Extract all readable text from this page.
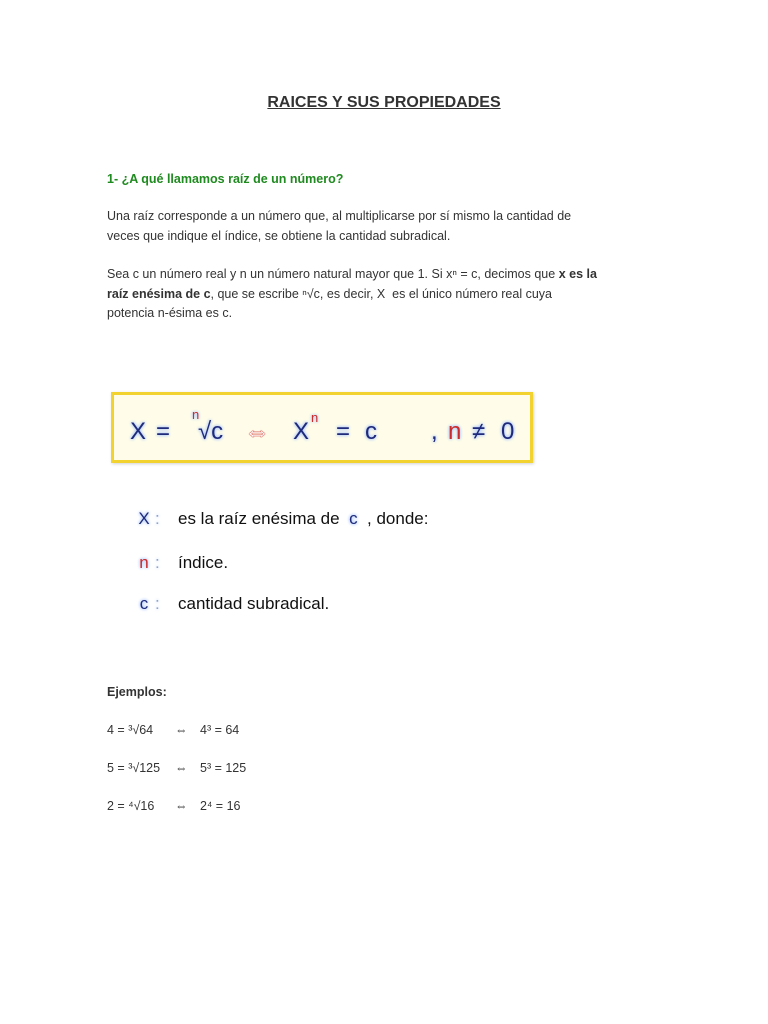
RAICES Y SUS PROPIEDADES
1- ¿A qué llamamos raíz de un número?
Una raíz corresponde a un número que, al multiplicarse por sí mismo la cantidad de
veces que indique el índice, se obtiene la cantidad subradical.
Sea c un número real y n un número natural mayor que 1. Si xⁿ = c, decimos que x es la
raíz enésima de c, que se escribe ⁿ√c, es decir, X  es el único número real cuya
potencia n-ésima es c.
X =
n
√c ⇔ X
n
= c , n ≠ 0
X : es la raíz enésima de c , donde:
n : índice.
c : cantidad subradical.
Ejemplos:
4 = ³√64 ⇔ 4³ = 64
5 = ³√125 ⇔ 5³ = 125
2 = ⁴√16 ⇔ 2⁴ = 16
